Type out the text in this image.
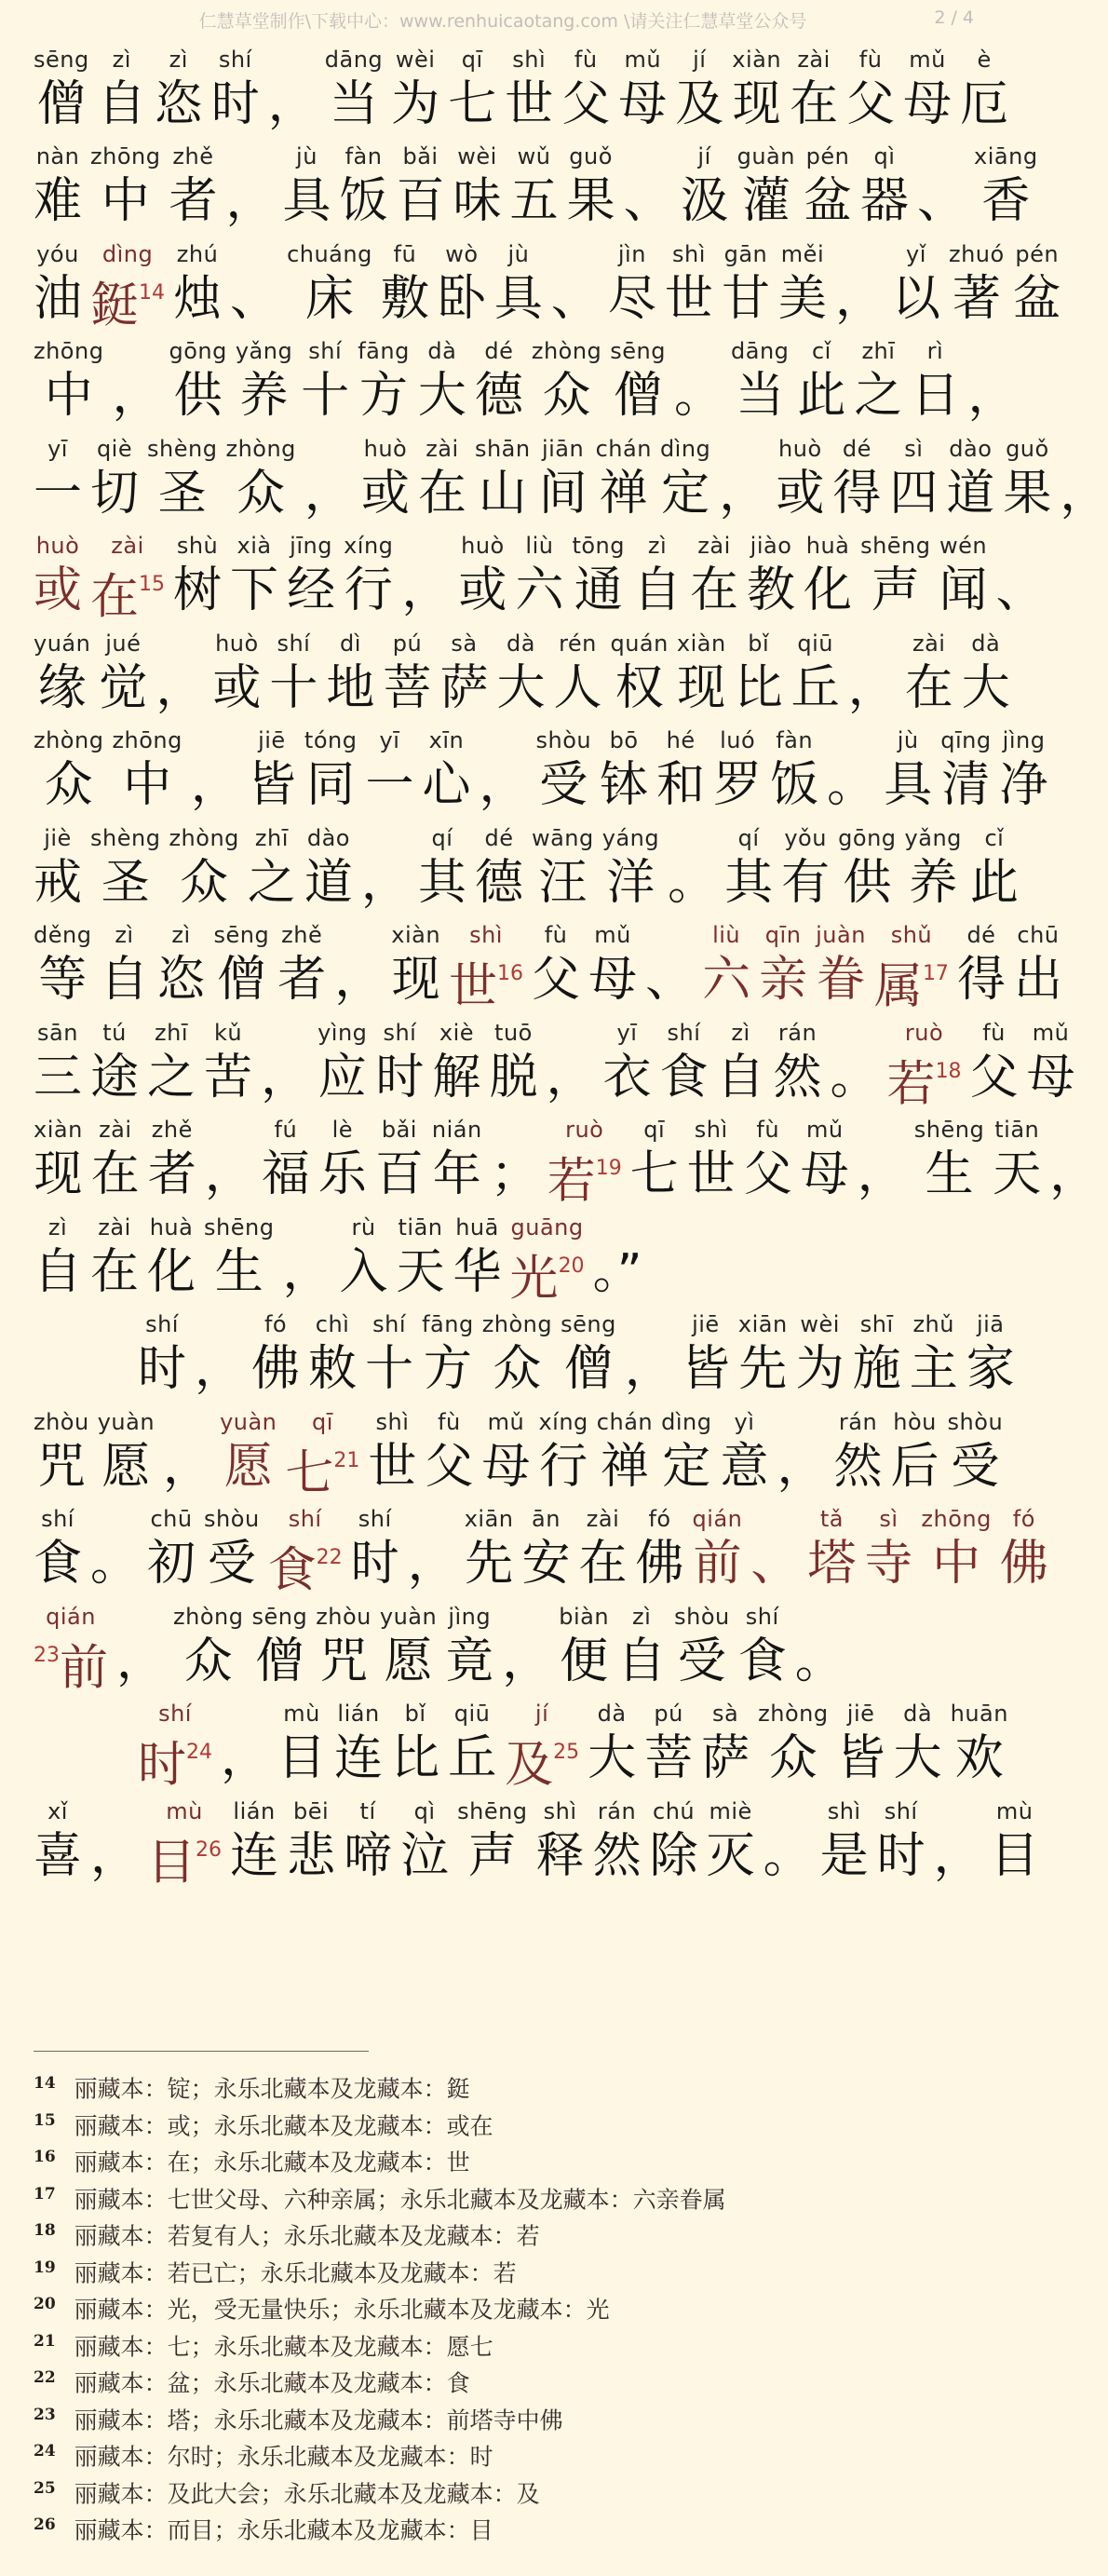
仁慧草堂制作\下载中心：www.renhuicaotang.com \请关注仁慧草堂公众号	2 / 4
sēng
僧
zì
自
zì
恣
shí
时 ，
dāng
当
wèi
为
qī
七
shì
世
fù
父
mǔ
母
jí
及
xiàn
现
zài
在
fù
父
mǔ
母
è
厄
nàn
难
zhōng
中
zhě
者 ，
jù
具
fàn
饭
bǎi
百
wèi
味
wǔ
五
guǒ
果 、
jí
汲
guàn
灌
pén
盆
qì
器 、
xiāng
香
yóu
油
dìng
鋌$^{14}$
zhú
烛 、
chuáng
床
fū
敷
wò
卧
jù
具 、
jìn
尽
shì
世
gān
甘
měi
美 ，
yǐ
以
zhuó
著
pén
盆
zhōng
中 ，
gōng
供
yǎng
养
shí
十
fāng
方
dà
大
dé
德
zhòng
众
sēng
僧 。
dāng
当
cǐ
此
zhī
之
rì
日 ，
yī
一
qiè
切
shèng
圣
zhòng
众 ，
huò
或
zài
在
shān
山
jiān
间
chán
禅
dìng
定 ，
huò
或
dé
得
sì
四
dào
道
guǒ
果 ，
huò
或
zài
在$^{15}$
shù
树
xià
下
jīng
经
xíng
行 ，
huò
或
liù
六
tōng
通
zì
自
zài
在
jiào
教
huà
化
shēng
声
wén
闻 、
yuán
缘
jué
觉 ，
huò
或
shí
十
dì
地
pú
菩
sà
萨
dà
大
rén
人
quán
权
xiàn
现
bǐ
比
qiū
丘 ，
zài
在
dà
大
zhòng
众
zhōng
中 ，
jiē
皆
tóng
同
yī
一
xīn
心 ，
shòu
受
bō
钵
hé
和
luó
罗
fàn
饭 。
jù
具
qīng
清
jìng
净
jiè
戒
shèng
圣
zhòng
众
zhī
之
dào
道 ，
qí
其
dé
德
wāng
汪
yáng
洋 。
qí
其
yǒu
有
gōng
供
yǎng
养
cǐ
此
děng
等
zì
自
zì
恣
sēng
僧
zhě
者 ，
xiàn
现
shì
世$^{16}$
fù
父
mǔ
母 、
liù
六
qīn
亲
juàn
眷
shǔ
属$^{17}$
dé
得
chū
出
sān
三
tú
途
zhī
之
kǔ
苦 ，
yìng
应
shí
时
xiè
解
tuō
脱 ，
yī
衣
shí
食
zì
自
rán
然 。
ruò
若$^{18}$
fù
父
mǔ
母
xiàn
现
zài
在
zhě
者 ，
fú
福
lè
乐
bǎi
百
nián
年 ；
ruò
若$^{19}$
qī
七
shì
世
fù
父
mǔ
母 ，
shēng
生
tiān
天 ，
zì
自
zài
在
huà
化
shēng
生 ，
rù
入
tiān
天
huā
华
guāng
光$^{20}$ 。”
shí
时 ，
fó
佛
chì
敕
shí
十
fāng
方
zhòng
众
sēng
僧 ，
jiē
皆
xiān
先
wèi
为
shī
施
zhǔ
主
jiā
家
zhòu
咒
yuàn
愿 ，
yuàn
愿
qī
七$^{21}$
shì
世
fù
父
mǔ
母
xíng
行
chán
禅
dìng
定
yì
意 ，
rán
然
hòu
后
shòu
受
shí
食 。
chū
初
shòu
受
shí
食$^{22}$
shí
时 ，
xiān
先
ān
安
zài
在
fó
佛
qián
前 、
tǎ
塔
sì
寺
zhōng
中
fó
佛
qián
$^{23}$前 ，
zhòng
众
sēng
僧
zhòu
咒
yuàn
愿
jìng
竟 ，
biàn
便
zì
自
shòu
受
shí
食 。
shí
时$^{24}$ ，
mù
目
lián
连
bǐ
比
qiū
丘
jí
及$^{25}$
dà
大
pú
菩
sà
萨
zhòng
众
jiē
皆
dà
大
huān
欢
xǐ
喜 ，
mù
目$^{26}$
lián
连
bēi
悲
tí
啼
qì
泣
shēng
声
shì
释
rán
然
chú
除
miè
灭 。
shì
是
shí
时 ，
mù
目
$^{14}$ 丽藏本：锭；永乐北藏本及龙藏本：鋌
$^{15}$ 丽藏本：或；永乐北藏本及龙藏本：或在
$^{16}$ 丽藏本：在；永乐北藏本及龙藏本：世
$^{17}$ 丽藏本：七世父母、六种亲属；永乐北藏本及龙藏本：六亲眷属
$^{18}$ 丽藏本：若复有人；永乐北藏本及龙藏本：若
$^{19}$ 丽藏本：若已亡；永乐北藏本及龙藏本：若
$^{20}$ 丽藏本：光，受无量快乐；永乐北藏本及龙藏本：光
$^{21}$ 丽藏本：七；永乐北藏本及龙藏本：愿七
$^{22}$ 丽藏本：盆；永乐北藏本及龙藏本：食
$^{23}$ 丽藏本：塔；永乐北藏本及龙藏本：前塔寺中佛
$^{24}$ 丽藏本：尔时；永乐北藏本及龙藏本：时
$^{25}$ 丽藏本：及此大会；永乐北藏本及龙藏本：及
$^{26}$ 丽藏本：而目；永乐北藏本及龙藏本：目
